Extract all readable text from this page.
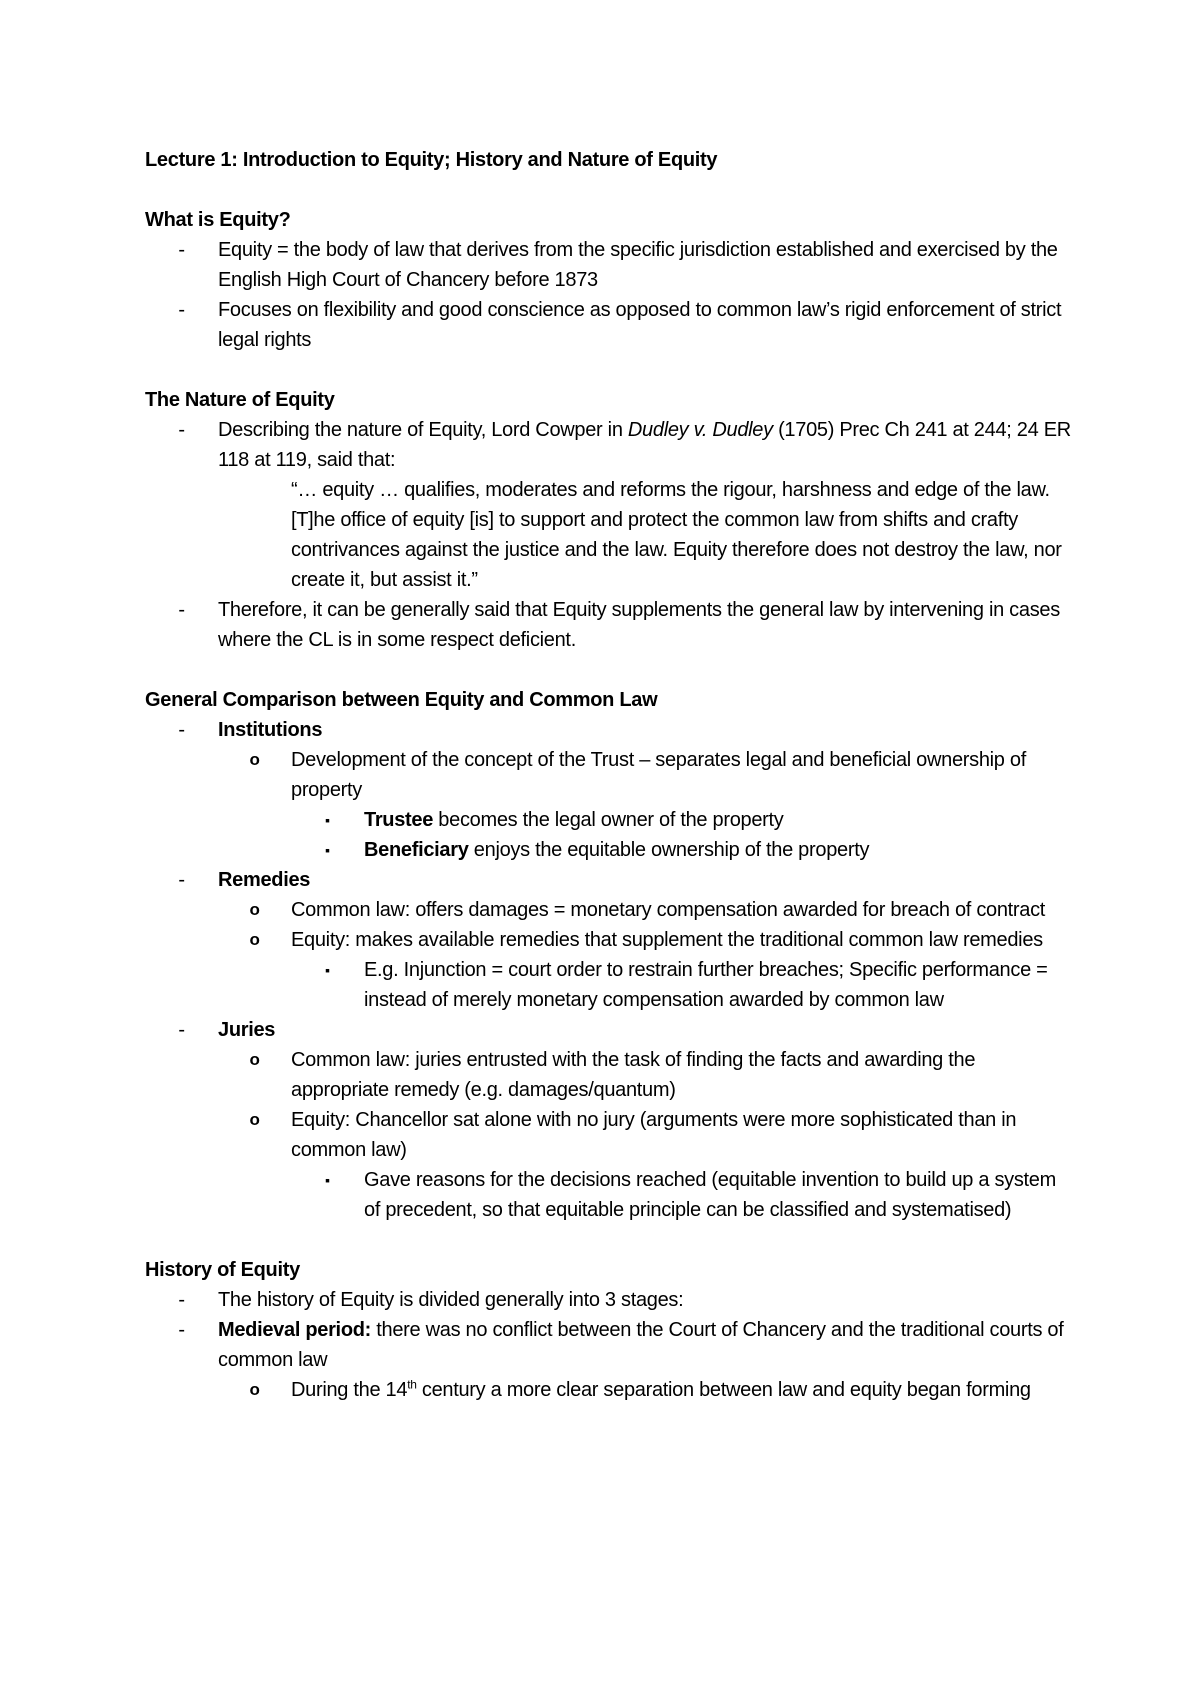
Lecture 1: Introduction to Equity; History and Nature of Equity

What is Equity?

-	Equity = the body of law that derives from the specific jurisdiction established and exercised by the English High Court of Chancery before 1873
-	Focuses on flexibility and good conscience as opposed to common law’s rigid enforcement of strict legal rights

The Nature of Equity

-	Describing the nature of Equity, Lord Cowper in Dudley v. Dudley (1705) Prec Ch 241 at 244; 24 ER 118 at 119, said that:

“… equity … qualifies, moderates and reforms the rigour, harshness and edge of the law. [T]he office of equity [is] to support and protect the common law from shifts and crafty contrivances against the justice and the law. Equity therefore does not destroy the law, nor create it, but assist it.”

-	Therefore, it can be generally said that Equity supplements the general law by intervening in cases where the CL is in some respect deficient.

General Comparison between Equity and Common Law

-	Institutions
o	Development of the concept of the Trust – separates legal and beneficial ownership of property
▪	Trustee becomes the legal owner of the property
▪	Beneficiary enjoys the equitable ownership of the property
-	Remedies
o	Common law: offers damages = monetary compensation awarded for breach of contract
o	Equity: makes available remedies that supplement the traditional common law remedies
▪	E.g. Injunction = court order to restrain further breaches; Specific performance = instead of merely monetary compensation awarded by common law
-	Juries
o	Common law: juries entrusted with the task of finding the facts and awarding the appropriate remedy (e.g. damages/quantum)
o	Equity: Chancellor sat alone with no jury (arguments were more sophisticated than in common law)
▪	Gave reasons for the decisions reached (equitable invention to build up a system of precedent, so that equitable principle can be classified and systematised)

History of Equity

-	The history of Equity is divided generally into 3 stages:
-	Medieval period: there was no conflict between the Court of Chancery and the traditional courts of common law
o	During the 14th century a more clear separation between law and equity began forming
